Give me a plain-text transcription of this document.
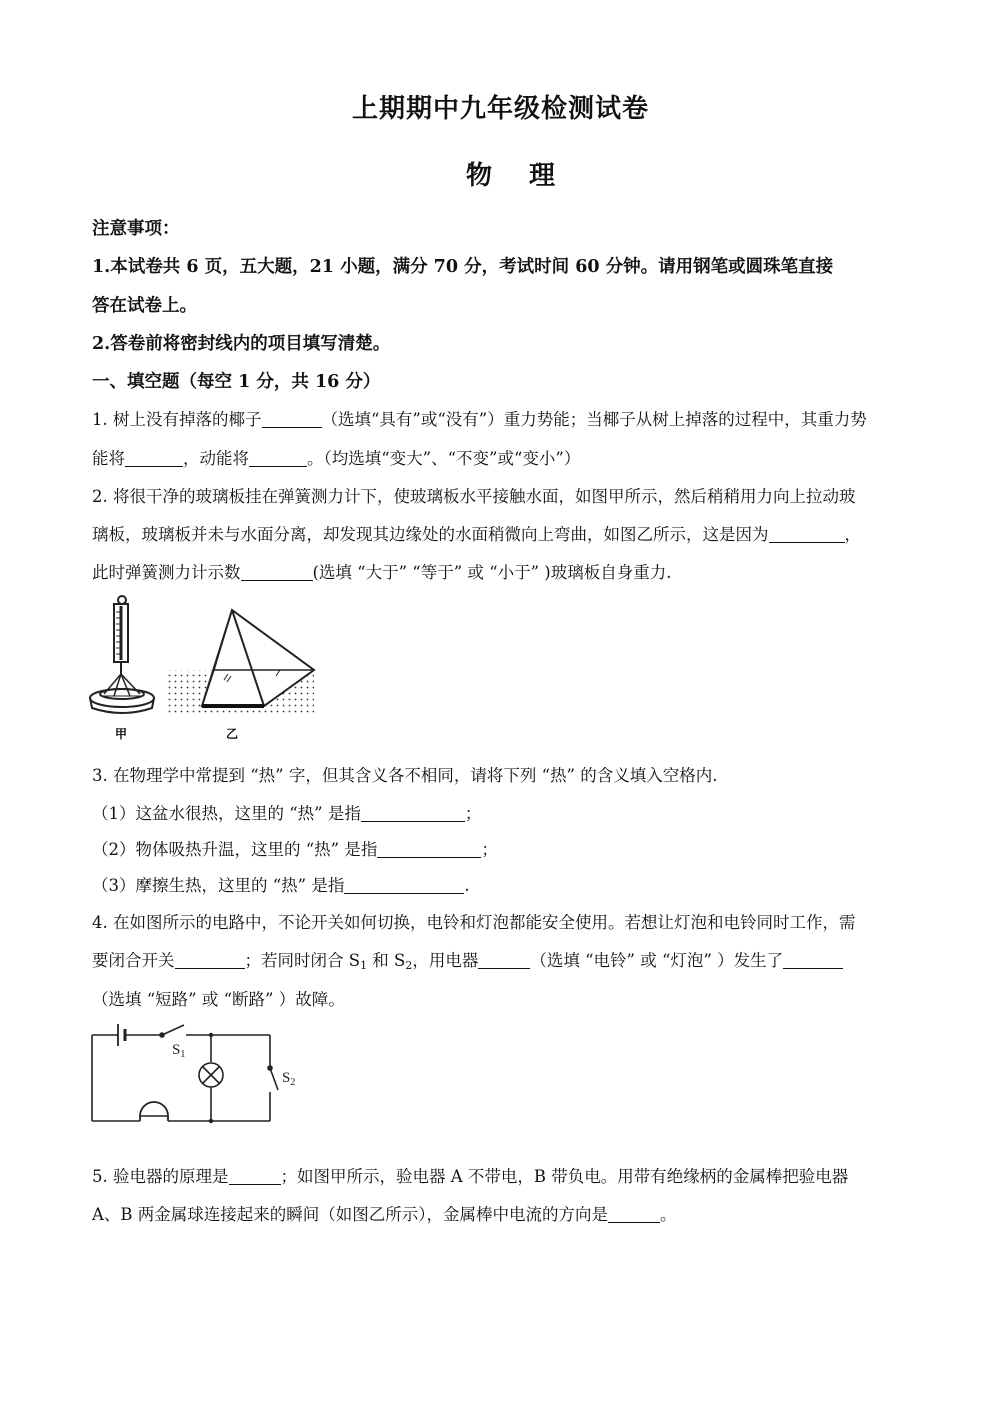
上期期中九年级检测试卷
物 理
注意事项：
1.本试卷共 6 页，五大题，21 小题，满分 70 分，考试时间 60 分钟。请用钢笔或圆珠笔直接
答在试卷上。
2.答卷前将密封线内的项目填写清楚。
一、填空题（每空 1 分，共 16 分）
1. 树上没有掉落的椰子	（选填“具有”或“没有”）重力势能；当椰子从树上掉落的过程中，其重力势
能将	，动能将	。（均选填“变大”、“不变”或“变小”）
2. 将很干净的玻璃板挂在弹簧测力计下，使玻璃板水平接触水面，如图甲所示，然后稍稍用力向上拉动玻
璃板，玻璃板并未与水面分离，却发现其边缘处的水面稍微向上弯曲，如图乙所示，这是因为	，
此时弹簧测力计示数	(选填 “大于” “等于” 或 “小于” )玻璃板自身重力.
甲	乙
3. 在物理学中常提到 “热” 字，但其含义各不相同，请将下列 “热” 的含义填入空格内.
（1）这盆水很热，这里的 “热” 是指	；
（2）物体吸热升温，这里的 “热” 是指	；
（3）摩擦生热，这里的 “热” 是指	.
4. 在如图所示的电路中，不论开关如何切换，电铃和灯泡都能安全使用。若想让灯泡和电铃同时工作，需
要闭合开关	；若同时闭合 $S_1$ 和 $S_2$，用电器	（选填 “电铃” 或 “灯泡” ）发生了
（选填 “短路” 或 “断路” ）故障。
$S_1$
$S_2$
5. 验电器的原理是	；如图甲所示，验电器 A 不带电，B 带负电。用带有绝缘柄的金属棒把验电器
A、B 两金属球连接起来的瞬间（如图乙所示），金属棒中电流的方向是	。
